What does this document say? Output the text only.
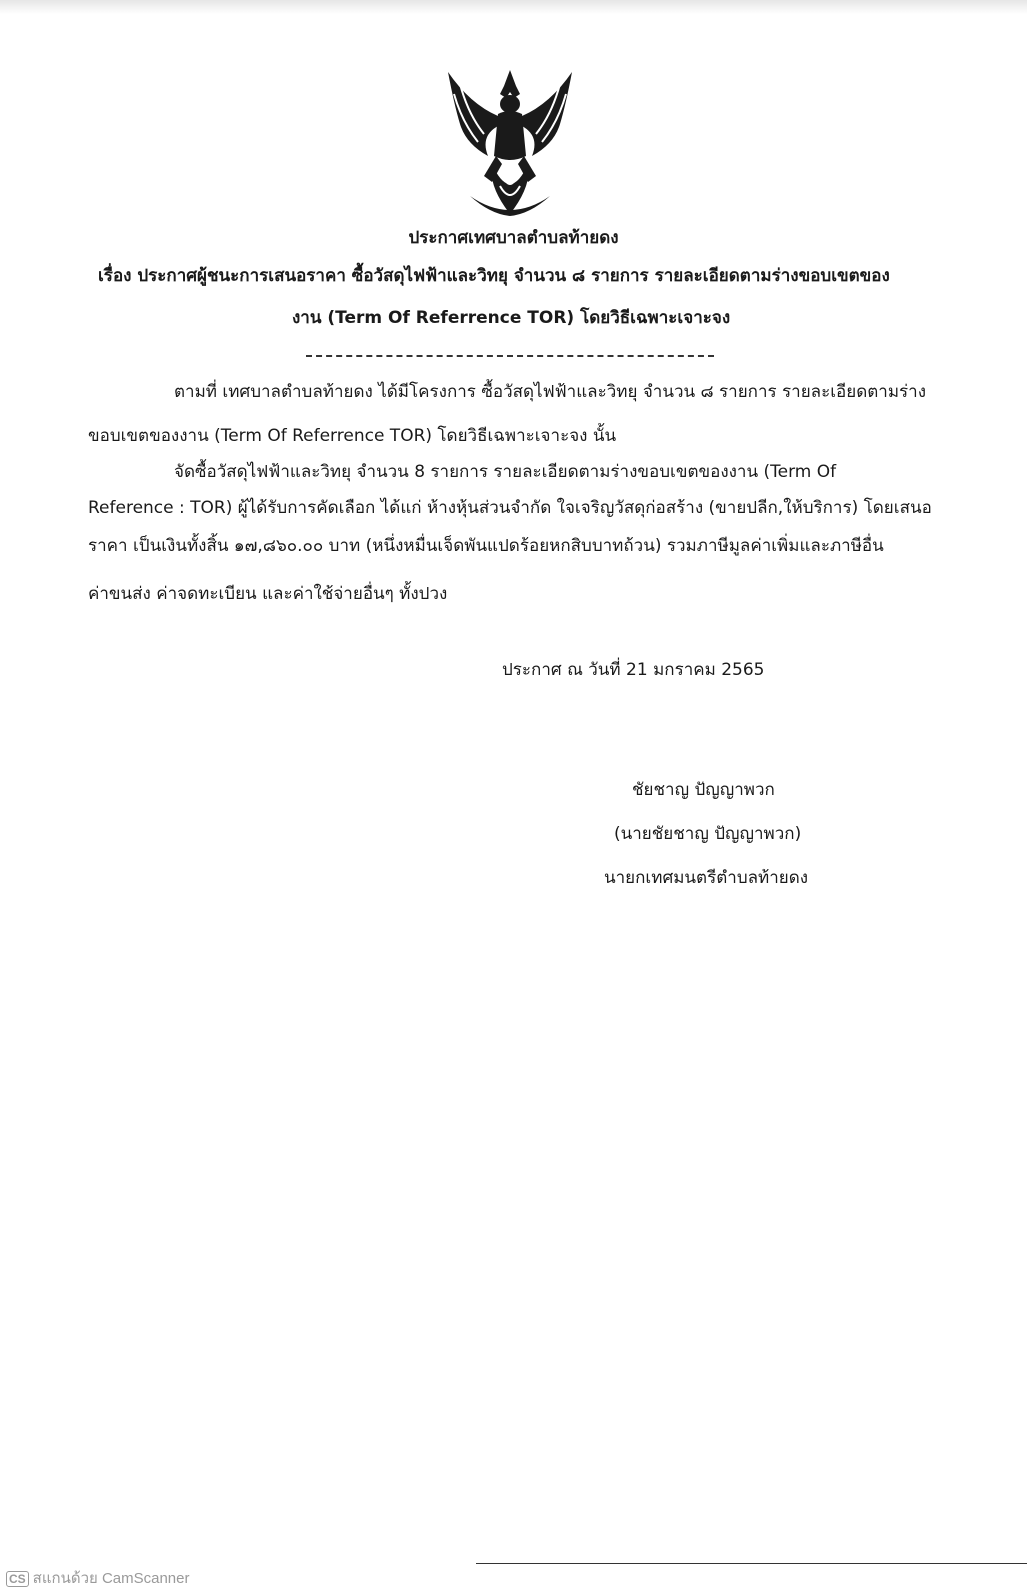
ประกาศเทศบาลตำบลท้ายดง
เรื่อง ประกาศผู้ชนะการเสนอราคา ซื้อวัสดุไฟฟ้าและวิทยุ จำนวน ๘ รายการ รายละเอียดตามร่างขอบเขตของ
งาน (Term Of Referrence TOR) โดยวิธีเฉพาะเจาะจง
ตามที่ เทศบาลตำบลท้ายดง ได้มีโครงการ ซื้อวัสดุไฟฟ้าและวิทยุ จำนวน ๘ รายการ รายละเอียดตามร่าง
ขอบเขตของงาน (Term Of Referrence TOR) โดยวิธีเฉพาะเจาะจง นั้น
จัดซื้อวัสดุไฟฟ้าและวิทยุ จำนวน 8 รายการ รายละเอียดตามร่างขอบเขตของงาน (Term Of
Reference : TOR) ผู้ได้รับการคัดเลือก ได้แก่ ห้างหุ้นส่วนจำกัด ใจเจริญวัสดุก่อสร้าง (ขายปลีก,ให้บริการ) โดยเสนอ
ราคา เป็นเงินทั้งสิ้น ๑๗,๘๖๐.๐๐ บาท (หนึ่งหมื่นเจ็ดพันแปดร้อยหกสิบบาทถ้วน) รวมภาษีมูลค่าเพิ่มและภาษีอื่น
ค่าขนส่ง ค่าจดทะเบียน และค่าใช้จ่ายอื่นๆ ทั้งปวง
ประกาศ ณ วันที่ 21 มกราคม 2565
ชัยชาญ ปัญญาพวก
(นายชัยชาญ ปัญญาพวก)
นายกเทศมนตรีตำบลท้ายดง
CS สแกนด้วย CamScanner
